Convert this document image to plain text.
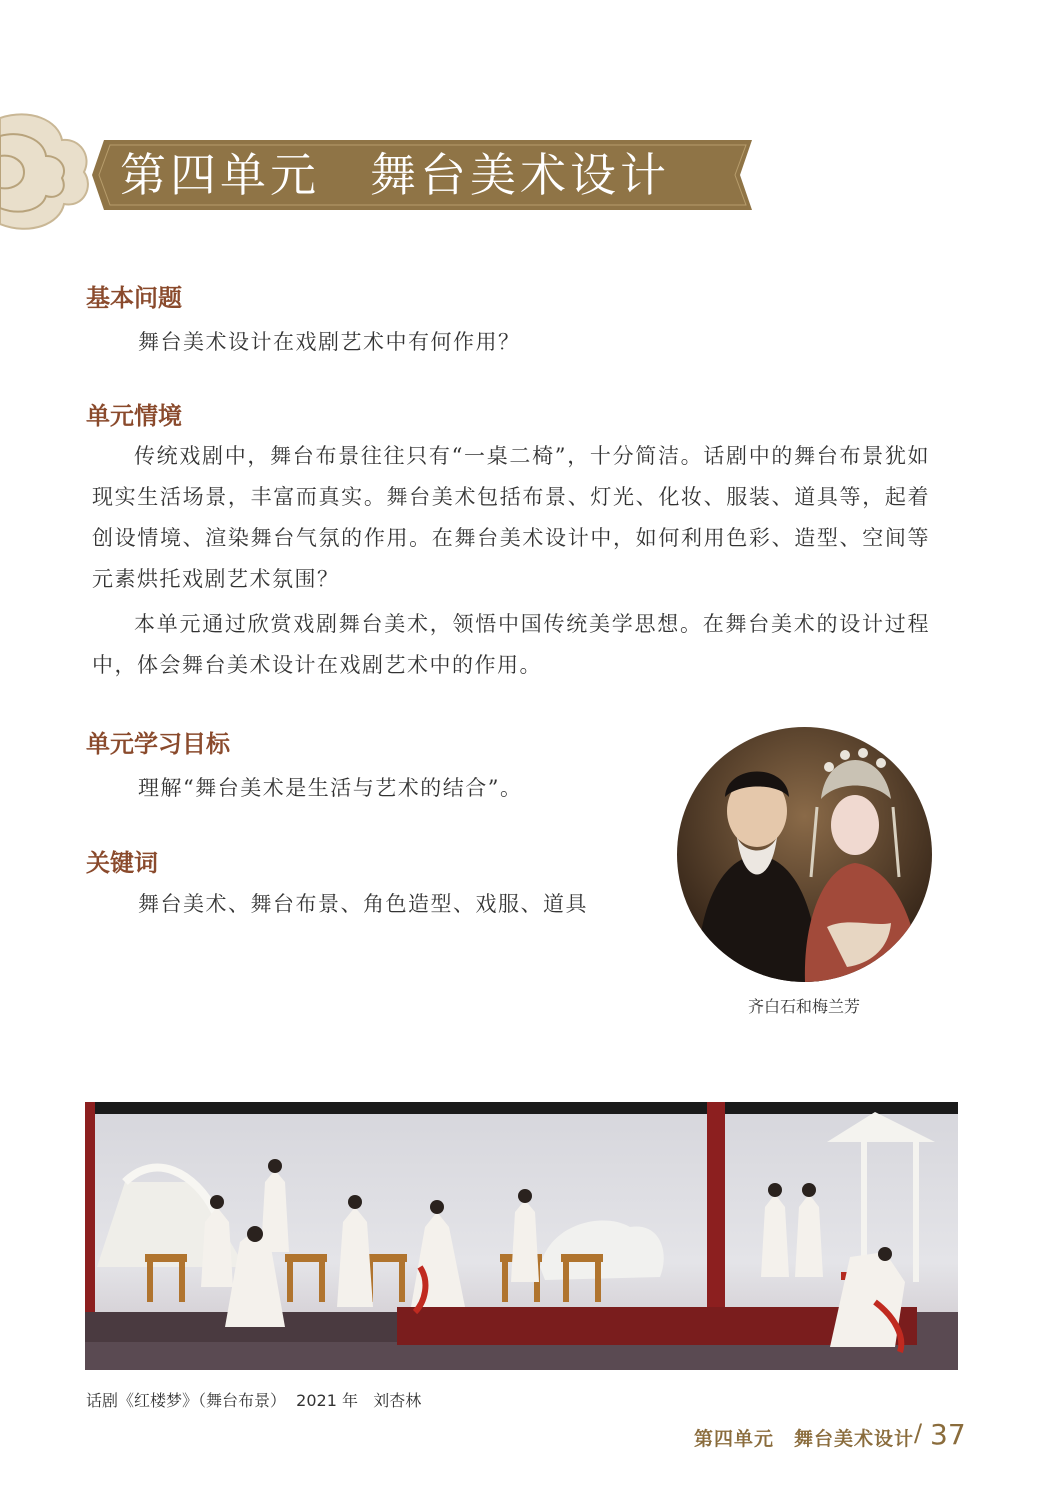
第四单元　舞台美术设计
基本问题
舞台美术设计在戏剧艺术中有何作用？
单元情境

传统戏剧中，舞台布景往往只有“一桌二椅”，十分简洁。话剧中的舞台布景犹如现实生活场景，丰富而真实。舞台美术包括布景、灯光、化妆、服装、道具等，起着创设情境、渲染舞台气氛的作用。在舞台美术设计中，如何利用色彩、造型、空间等元素烘托戏剧艺术氛围？

本单元通过欣赏戏剧舞台美术，领悟中国传统美学思想。在舞台美术的设计过程中，体会舞台美术设计在戏剧艺术中的作用。

单元学习目标
理解“舞台美术是生活与艺术的结合”。
关键词
舞台美术、舞台布景、角色造型、戏服、道具
齐白石和梅兰芳
话剧《红楼梦》（舞台布景）  2021 年   刘杏林
第四单元　舞台美术设计 / 37
